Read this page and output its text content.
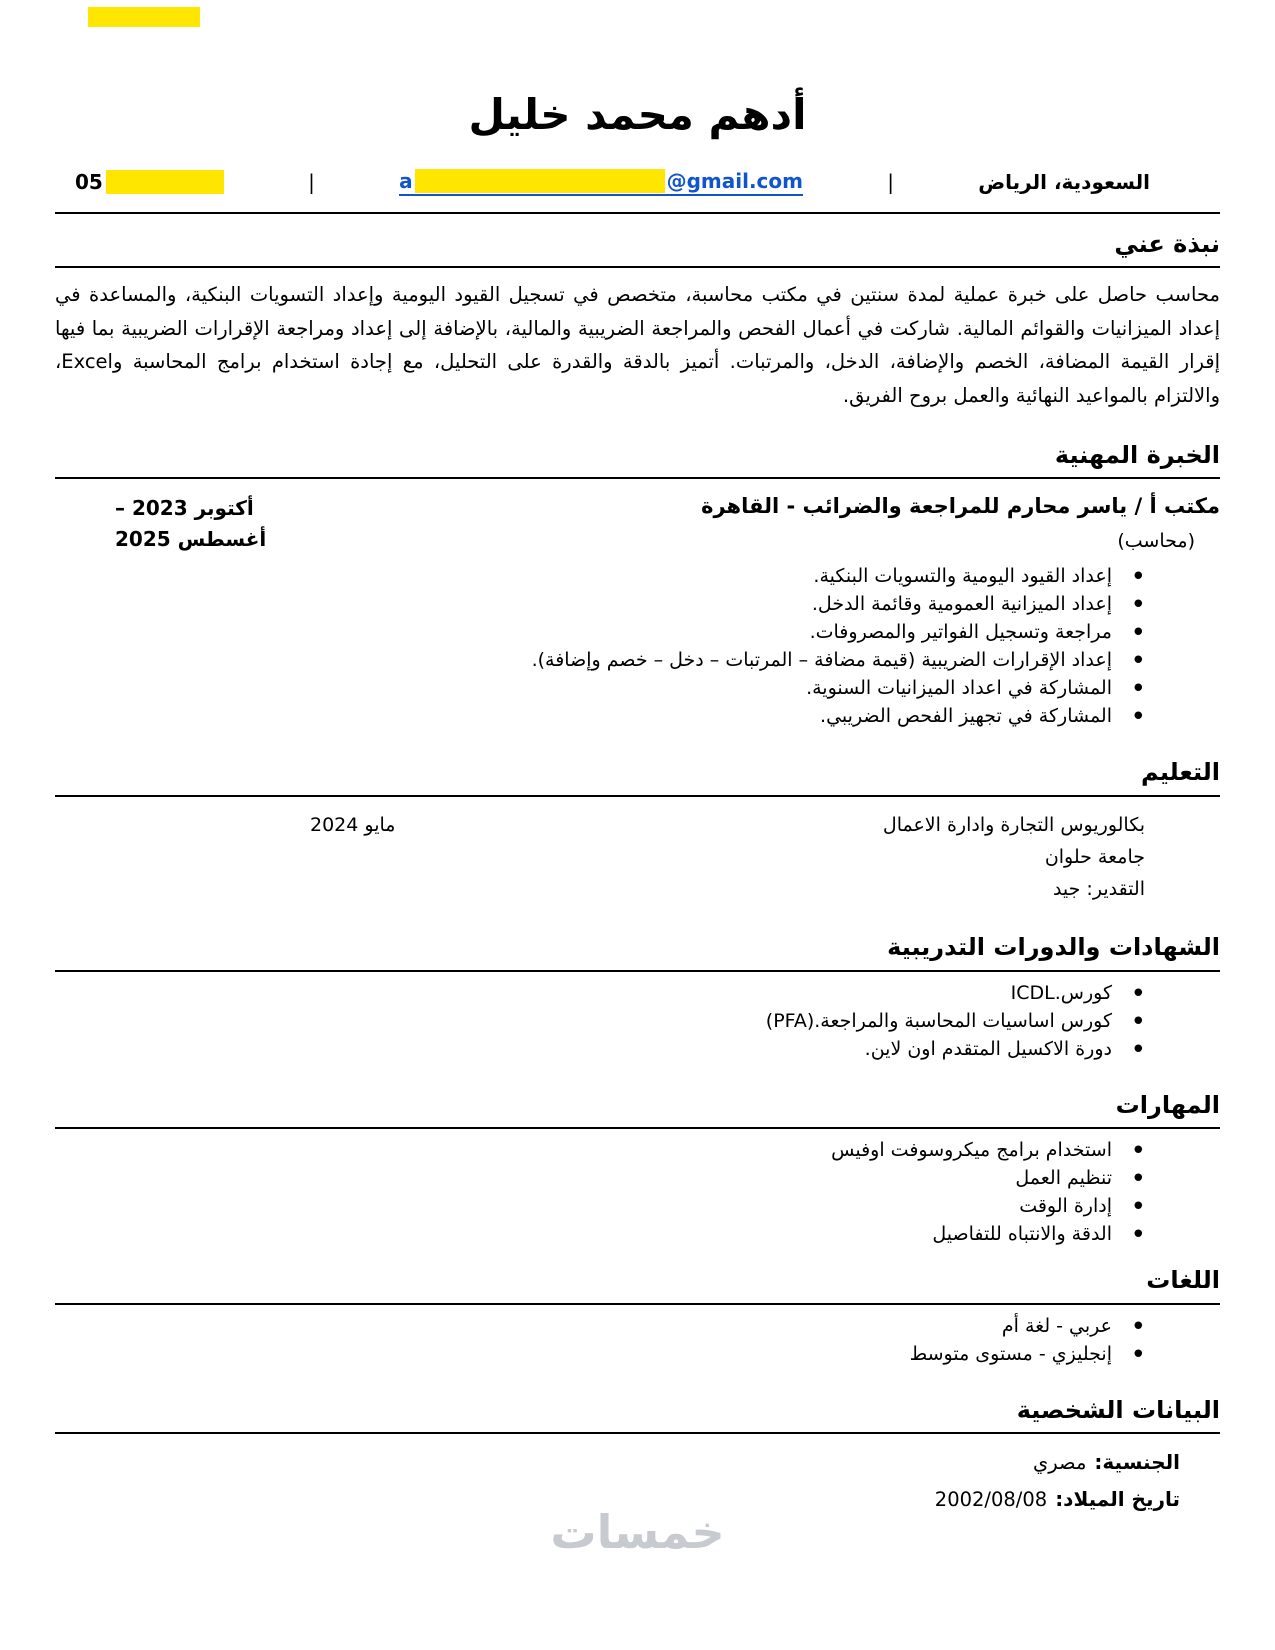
أدهم محمد خليل
السعودية، الرياض
|
a	@gmail.com
|
05
نبذة عني

محاسب حاصل على خبرة عملية لمدة سنتين في مكتب محاسبة، متخصص في تسجيل القيود اليومية وإعداد التسويات البنكية، والمساعدة في إعداد الميزانيات والقوائم المالية. شاركت في أعمال الفحص والمراجعة الضريبية والمالية، بالإضافة إلى إعداد ومراجعة الإقرارات الضريبية بما فيها إقرار القيمة المضافة، الخصم والإضافة، الدخل، والمرتبات. أتميز بالدقة والقدرة على التحليل، مع إجادة استخدام برامج المحاسبة وExcel، والالتزام بالمواعيد النهائية والعمل بروح الفريق.

الخبرة المهنية
مكتب أ / ياسر محارم للمراجعة والضرائب - القاهرة
أكتوبر 2023 – أغسطس 2025	(محاسب)
• إعداد القيود اليومية والتسويات البنكية.
• إعداد الميزانية العمومية وقائمة الدخل.
• مراجعة وتسجيل الفواتير والمصروفات.
• إعداد الإقرارات الضريبية (قيمة مضافة – المرتبات – دخل – خصم وإضافة).
• المشاركة في اعداد الميزانيات السنوية.
• المشاركة في تجهيز الفحص الضريبي.
التعليم
بكالوريوس التجارة وادارة الاعمال
مايو 2024
جامعة حلوان
التقدير: جيد
الشهادات والدورات التدريبية
• كورس.ICDL
• كورس اساسيات المحاسبة والمراجعة.(PFA)
• دورة الاكسيل المتقدم اون لاين.
المهارات
• استخدام برامج ميكروسوفت اوفيس
• تنظيم العمل
• إدارة الوقت
• الدقة والانتباه للتفاصيل
اللغات
• عربي - لغة أم
• إنجليزي - مستوى متوسط
البيانات الشخصية
الجنسية:
مصري
تاريخ الميلاد:
2002/08/08
خمسات
